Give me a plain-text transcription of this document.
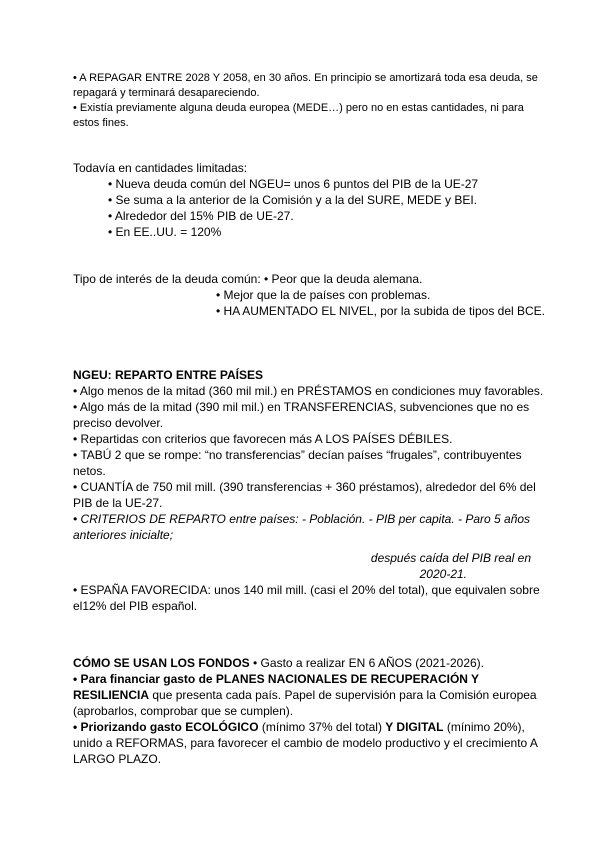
• A REPAGAR ENTRE 2028 Y 2058, en 30 años. En principio se amortizará toda esa deuda, se repagará y terminará desapareciendo.

• Existía previamente alguna deuda europea (MEDE…) pero no en estas cantidades, ni para estos fines.

Todavía en cantidades limitadas:

• Nueva deuda común del NGEU= unos 6 puntos del PIB de la UE-27

• Se suma a la anterior de la Comisión y a la del SURE, MEDE y BEI.

• Alrededor del 15% PIB de UE-27.

• En EE..UU. = 120%

Tipo de interés de la deuda común: • Peor que la deuda alemana.

• Mejor que la de países con problemas.

• HA AUMENTADO EL NIVEL, por la subida de tipos del BCE.

NGEU: REPARTO ENTRE PAÍSES

• Algo menos de la mitad (360 mil mil.) en PRÉSTAMOS en condiciones muy favorables.

• Algo más de la mitad (390 mil mil.) en TRANSFERENCIAS, subvenciones que no es preciso devolver.

• Repartidas con criterios que favorecen más A LOS PAÍSES DÉBILES.

• TABÚ 2 que se rompe: “no transferencias” decían países “frugales”, contribuyentes netos.

• CUANTÍA de 750 mil mill. (390 transferencias + 360 préstamos), alrededor del 6% del PIB de la UE-27.

• CRITERIOS DE REPARTO entre países: - Población. - PIB per capita. - Paro 5 años anteriores inicialte;

después caída del PIB real en

2020-21.

• ESPAÑA FAVORECIDA: unos 140 mil mill. (casi el 20% del total), que equivalen sobre el12% del PIB español.

CÓMO SE USAN LOS FONDOS • Gasto a realizar EN 6 AÑOS (2021-2026).

• Para financiar gasto de PLANES NACIONALES DE RECUPERACIÓN Y RESILIENCIA que presenta cada país. Papel de supervisión para la Comisión europea (aprobarlos, comprobar que se cumplen).

• Priorizando gasto ECOLÓGICO (mínimo 37% del total) Y DIGITAL (mínimo 20%), unido a REFORMAS, para favorecer el cambio de modelo productivo y el crecimiento A LARGO PLAZO.
